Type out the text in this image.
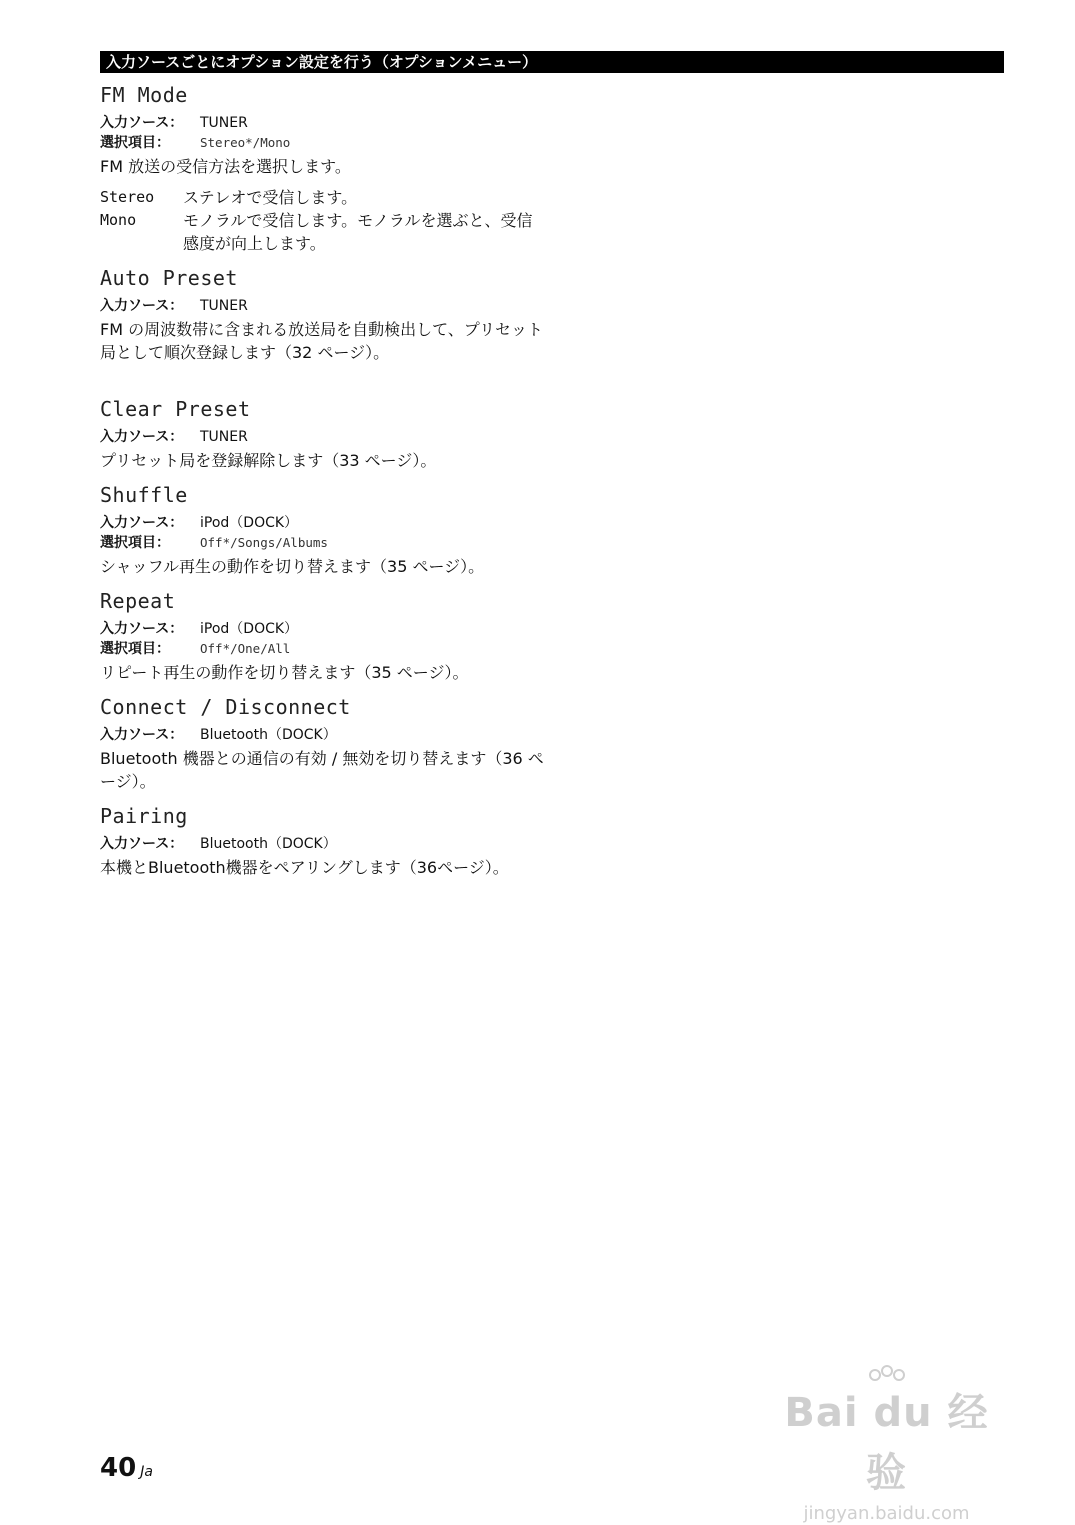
入力ソースごとにオプション設定を行う（オプションメニュー）
FM Mode
入力ソース： TUNER
選択項目： Stereo*/Mono
FM 放送の受信方法を選択します。
Stereo	ステレオで受信します。
Mono	モノラルで受信します。モノラルを選ぶと、受信感度が向上します。
Auto Preset
入力ソース： TUNER
FM の周波数帯に含まれる放送局を自動検出して、プリセット局として順次登録します（32 ページ）。
Clear Preset
入力ソース： TUNER
プリセット局を登録解除します（33 ページ）。
Shuffle
入力ソース： iPod（DOCK）
選択項目： Off*/Songs/Albums
シャッフル再生の動作を切り替えます（35 ページ）。
Repeat
入力ソース： iPod（DOCK）
選択項目： Off*/One/All
リピート再生の動作を切り替えます（35 ページ）。
Connect / Disconnect
入力ソース： Bluetooth（DOCK）
Bluetooth 機器との通信の有効 / 無効を切り替えます（36 ページ）。
Pairing
入力ソース： Bluetooth（DOCK）
本機とBluetooth機器をペアリングします（36ページ）。
40 Ja
Bai du 经验
jingyan.baidu.com
